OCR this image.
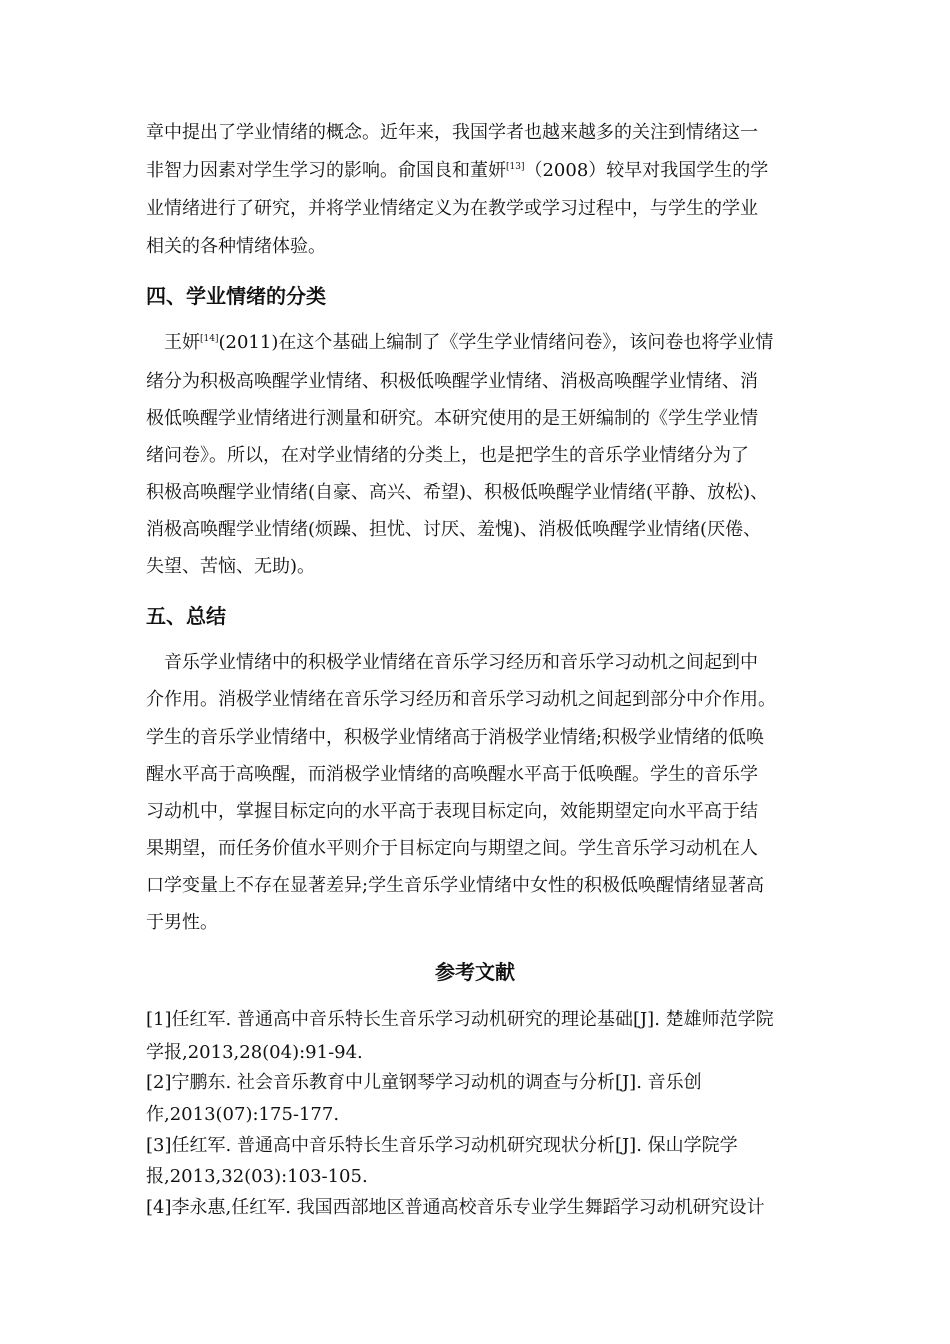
章中提出了学业情绪的概念。近年来，我国学者也越来越多的关注到情绪这一
非智力因素对学生学习的影响。俞国良和董妍[13]（2008）较早对我国学生的学
业情绪进行了研究，并将学业情绪定义为在教学或学习过程中，与学生的学业
相关的各种情绪体验。
四、学业情绪的分类
王妍[14](2011)在这个基础上编制了《学生学业情绪问卷》，该问卷也将学业情
绪分为积极高唤醒学业情绪、积极低唤醒学业情绪、消极高唤醒学业情绪、消
极低唤醒学业情绪进行测量和研究。本研究使用的是王妍编制的《学生学业情
绪问卷》。所以，在对学业情绪的分类上，也是把学生的音乐学业情绪分为了
积极高唤醒学业情绪(自豪、高兴、希望)、积极低唤醒学业情绪(平静、放松)、
消极高唤醒学业情绪(烦躁、担忧、讨厌、羞愧)、消极低唤醒学业情绪(厌倦、
失望、苦恼、无助)。
五、总结
音乐学业情绪中的积极学业情绪在音乐学习经历和音乐学习动机之间起到中
介作用。消极学业情绪在音乐学习经历和音乐学习动机之间起到部分中介作用。
学生的音乐学业情绪中，积极学业情绪高于消极学业情绪;积极学业情绪的低唤
醒水平高于高唤醒，而消极学业情绪的高唤醒水平高于低唤醒。学生的音乐学
习动机中，掌握目标定向的水平高于表现目标定向，效能期望定向水平高于结
果期望，而任务价值水平则介于目标定向与期望之间。学生音乐学习动机在人
口学变量上不存在显著差异;学生音乐学业情绪中女性的积极低唤醒情绪显著高
于男性。
参考文献
[1]任红军. 普通高中音乐特长生音乐学习动机研究的理论基础[J]. 楚雄师范学院
学报,2013,28(04):91-94.
[2]宁鹏东. 社会音乐教育中儿童钢琴学习动机的调查与分析[J]. 音乐创
作,2013(07):175-177.
[3]任红军. 普通高中音乐特长生音乐学习动机研究现状分析[J]. 保山学院学
报,2013,32(03):103-105.
[4]李永惠,任红军. 我国西部地区普通高校音乐专业学生舞蹈学习动机研究设计
